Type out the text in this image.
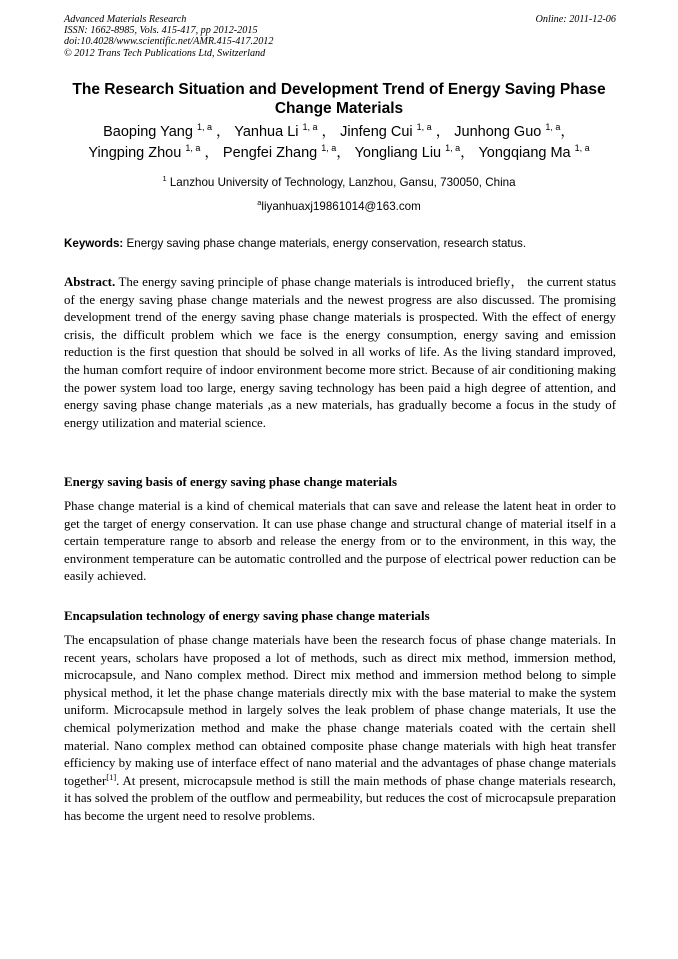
Advanced Materials Research
ISSN: 1662-8985, Vols. 415-417, pp 2012-2015
doi:10.4028/www.scientific.net/AMR.415-417.2012
© 2012 Trans Tech Publications Ltd, Switzerland
Online: 2011-12-06
The Research Situation and Development Trend of Energy Saving Phase
Change Materials
Baoping Yang $^{1, a}$ ， Yanhua Li $^{1, a}$ ， Jinfeng Cui $^{1, a}$ ， Junhong Guo $^{1, a}$，
Yingping Zhou $^{1, a}$ ， Pengfei Zhang $^{1, a}$， Yongliang Liu $^{1, a}$， Yongqiang Ma $^{1, a}$
$^1$ Lanzhou University of Technology, Lanzhou, Gansu, 730050, China
$^a$liyanhuaxj19861014@163.com
Keywords: Energy saving phase change materials, energy conservation, research status.
Abstract. The energy saving principle of phase change materials is introduced briefly， the current status of the energy saving phase change materials and the newest progress are also discussed. The promising development trend of the energy saving phase change materials is prospected. With the effect of energy crisis, the difficult problem which we face is the energy consumption, energy saving and emission reduction is the first question that should be solved in all works of life. As the living standard improved, the human comfort require of indoor environment become more strict. Because of air conditioning making the power system load too large, energy saving technology has been paid a high degree of attention, and energy saving phase change materials ,as a new materials, has gradually become a focus in the study of energy utilization and material science.
Energy saving basis of energy saving phase change materials
Phase change material is a kind of chemical materials that can save and release the latent heat in order to get the target of energy conservation. It can use phase change and structural change of material itself in a certain temperature range to absorb and release the energy from or to the environment, in this way, the environment temperature can be automatic controlled and the purpose of electrical power reduction can be easily achieved.
Encapsulation technology of energy saving phase change materials
The encapsulation of phase change materials have been the research focus of phase change materials. In recent years, scholars have proposed a lot of methods, such as direct mix method, immersion method, microcapsule, and Nano complex method. Direct mix method and immersion method belong to simple physical method, it let the phase change materials directly mix with the base material to make the system uniform. Microcapsule method in largely solves the leak problem of phase change materials, It use the chemical polymerization method and make the phase change materials coated with the certain shell material. Nano complex method can obtained composite phase change materials with high heat transfer efficiency by making use of interface effect of nano material and the advantages of phase change materials together[1]. At present, microcapsule method is still the main methods of phase change materials research, it has solved the problem of the outflow and permeability, but reduces the cost of microcapsule preparation has become the urgent need to resolve problems.
